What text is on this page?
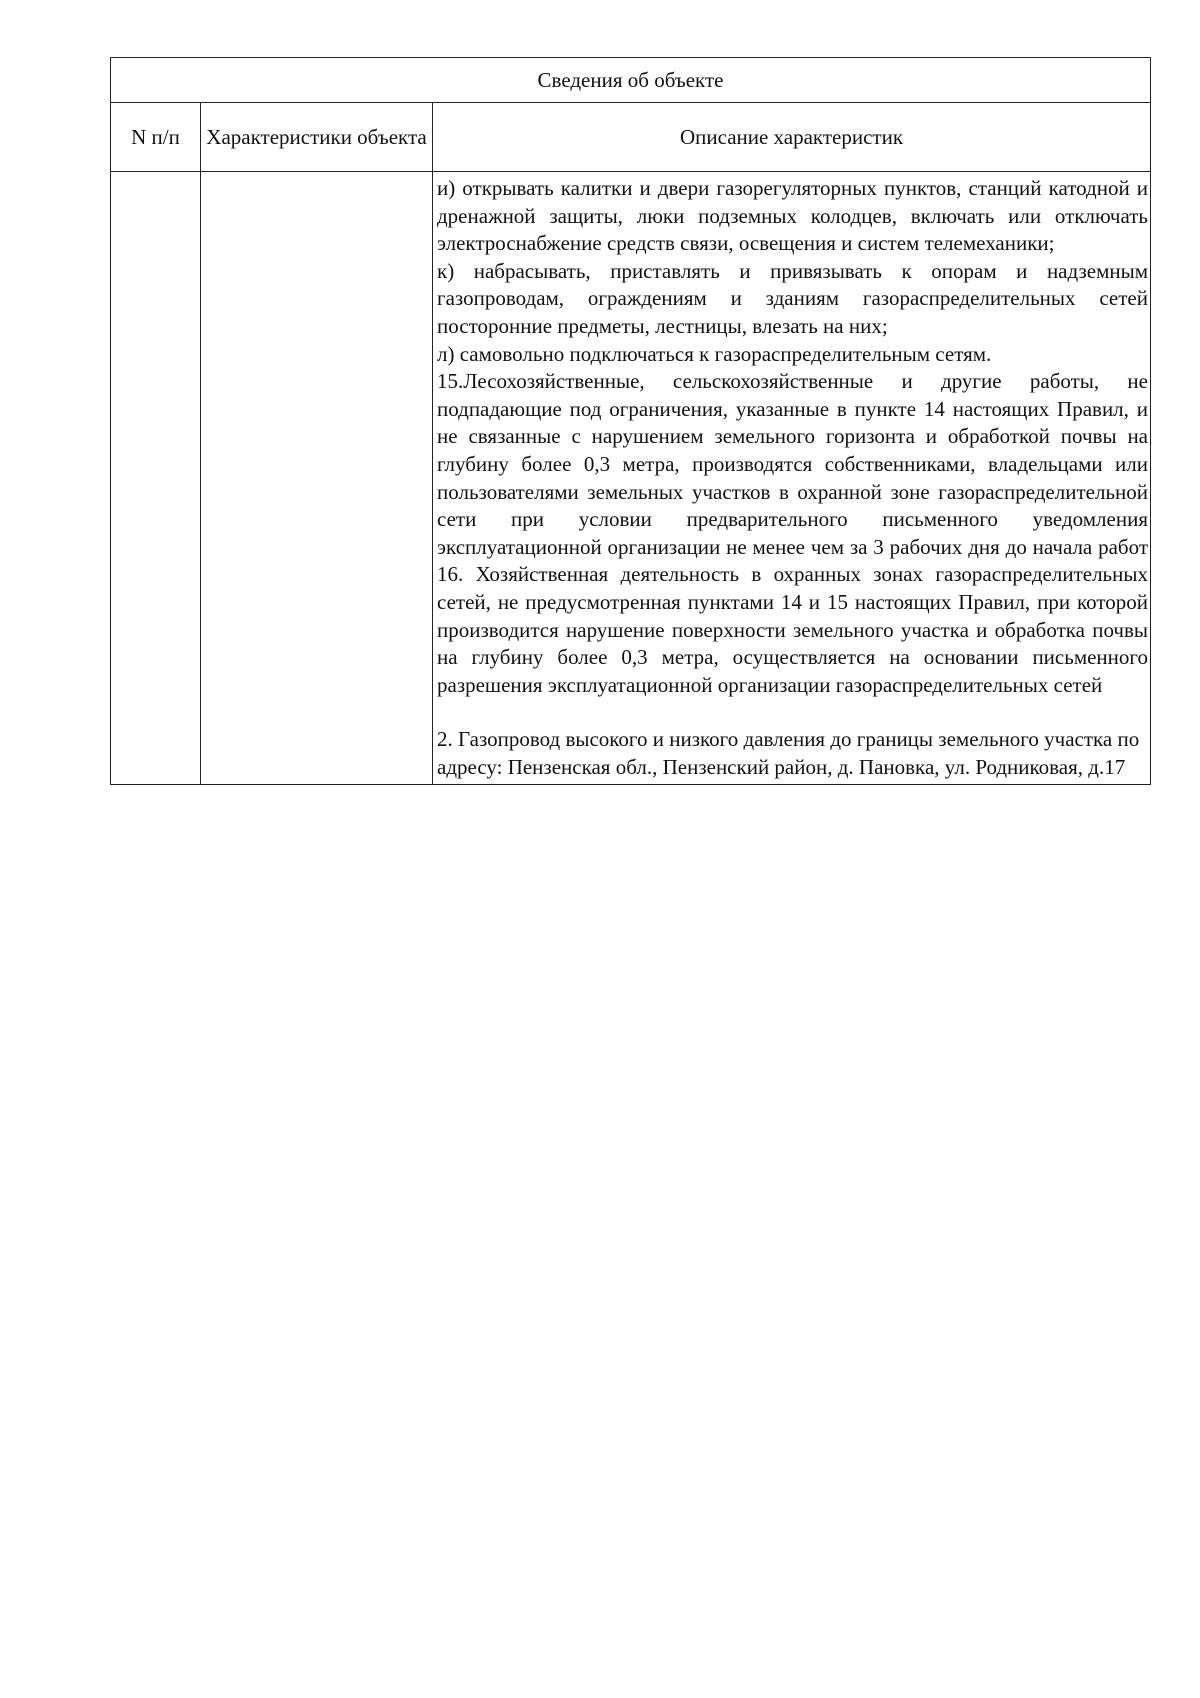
Сведения об объекте		
N п/п	Характеристики объекта	Описание характеристик

		и) открывать калитки и двери газорегуляторных пунктов, станций катодной и дренажной защиты, люки подземных колодцев, включать или отключать электроснабжение средств связи, освещения и систем телемеханики;

к) набрасывать, приставлять и привязывать к опорам и надземным газопроводам, ограждениям и зданиям газораспределительных сетей посторонние предметы, лестницы, влезать на них;

л) самовольно подключаться к газораспределительным сетям.

15.Лесохозяйственные, сельскохозяйственные и другие работы, не подпадающие под ограничения, указанные в пункте 14 настоящих Правил, и не связанные с нарушением земельного горизонта и обработкой почвы на глубину более 0,3 метра, производятся собственниками, владельцами или пользователями земельных участков в охранной зоне газораспределительной сети при условии предварительного письменного уведомления эксплуатационной организации не менее чем за 3 рабочих дня до начала работ 16. Хозяйственная деятельность в охранных зонах газораспределительных сетей, не предусмотренная пунктами 14 и 15 настоящих Правил, при которой производится нарушение поверхности земельного участка и обработка почвы на глубину более 0,3 метра, осуществляется на основании письменного разрешения эксплуатационной организации газораспределительных сетей

2. Газопровод высокого и низкого давления до границы земельного участка по адресу: Пензенская обл., Пензенский район, д. Пановка, ул. Родниковая, д.17
